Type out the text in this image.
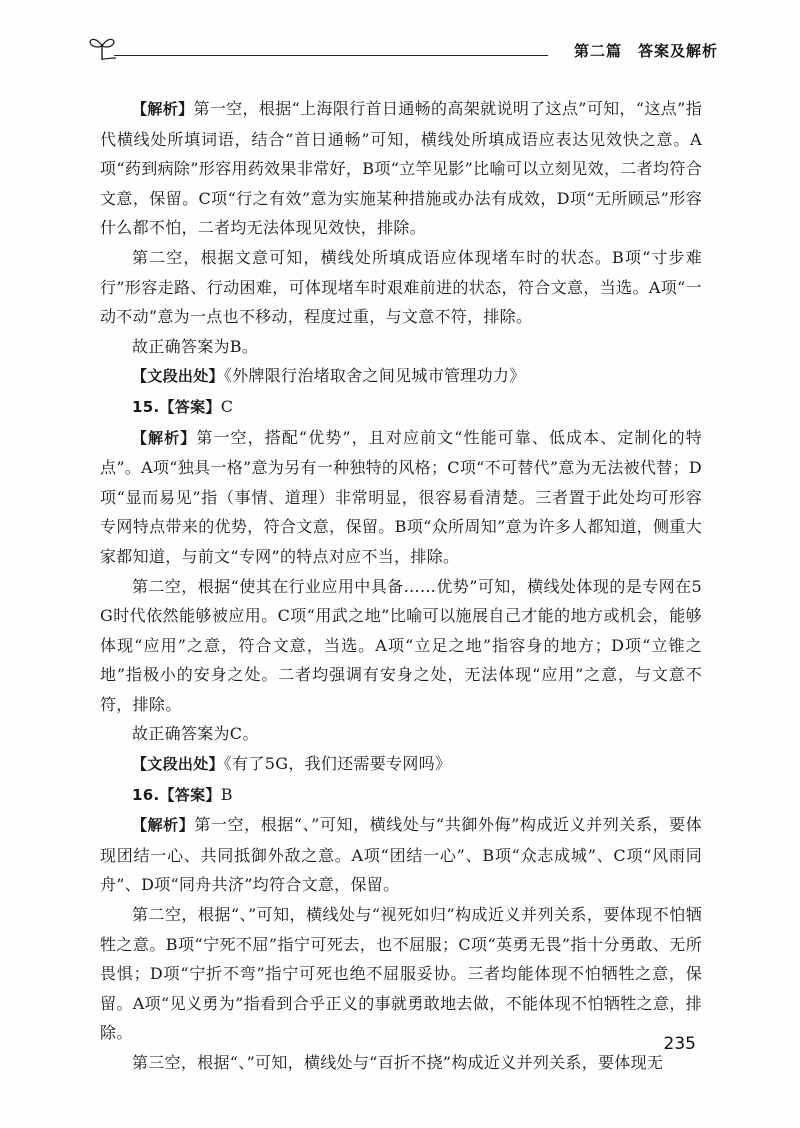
第二篇　答案及解析

【解析】第一空，根据“上海限行首日通畅的高架就说明了这点”可知，“这点”指代横线处所填词语，结合“首日通畅”可知，横线处所填成语应表达见效快之意。A项“药到病除”形容用药效果非常好，B项“立竿见影”比喻可以立刻见效，二者均符合文意，保留。C项“行之有效”意为实施某种措施或办法有成效，D项“无所顾忌”形容什么都不怕，二者均无法体现见效快，排除。

第二空，根据文意可知，横线处所填成语应体现堵车时的状态。B项“寸步难行”形容走路、行动困难，可体现堵车时艰难前进的状态，符合文意，当选。A项“一动不动”意为一点也不移动，程度过重，与文意不符，排除。

故正确答案为B。

【文段出处】《外牌限行治堵取舍之间见城市管理功力》

15.【答案】C

【解析】第一空，搭配“优势”，且对应前文“性能可靠、低成本、定制化的特点”。A项“独具一格”意为另有一种独特的风格；C项“不可替代”意为无法被代替；D项“显而易见”指（事情、道理）非常明显，很容易看清楚。三者置于此处均可形容专网特点带来的优势，符合文意，保留。B项“众所周知”意为许多人都知道，侧重大家都知道，与前文“专网”的特点对应不当，排除。

第二空，根据“使其在行业应用中具备……优势”可知，横线处体现的是专网在5G时代依然能够被应用。C项“用武之地”比喻可以施展自己才能的地方或机会，能够体现“应用”之意，符合文意，当选。A项“立足之地”指容身的地方；D项“立锥之地”指极小的安身之处。二者均强调有安身之处，无法体现“应用”之意，与文意不符，排除。

故正确答案为C。

【文段出处】《有了5G，我们还需要专网吗》

16.【答案】B

【解析】第一空，根据“、”可知，横线处与“共御外侮”构成近义并列关系，要体现团结一心、共同抵御外敌之意。A项“团结一心”、B项“众志成城”、C项“风雨同舟”、D项“同舟共济”均符合文意，保留。

第二空，根据“、”可知，横线处与“视死如归”构成近义并列关系，要体现不怕牺牲之意。B项“宁死不屈”指宁可死去，也不屈服；C项“英勇无畏”指十分勇敢、无所畏惧；D项“宁折不弯”指宁可死也绝不屈服妥协。三者均能体现不怕牺牲之意，保留。A项“见义勇为”指看到合乎正义的事就勇敢地去做，不能体现不怕牺牲之意，排除。

第三空，根据“、”可知，横线处与“百折不挠”构成近义并列关系，要体现无

235
